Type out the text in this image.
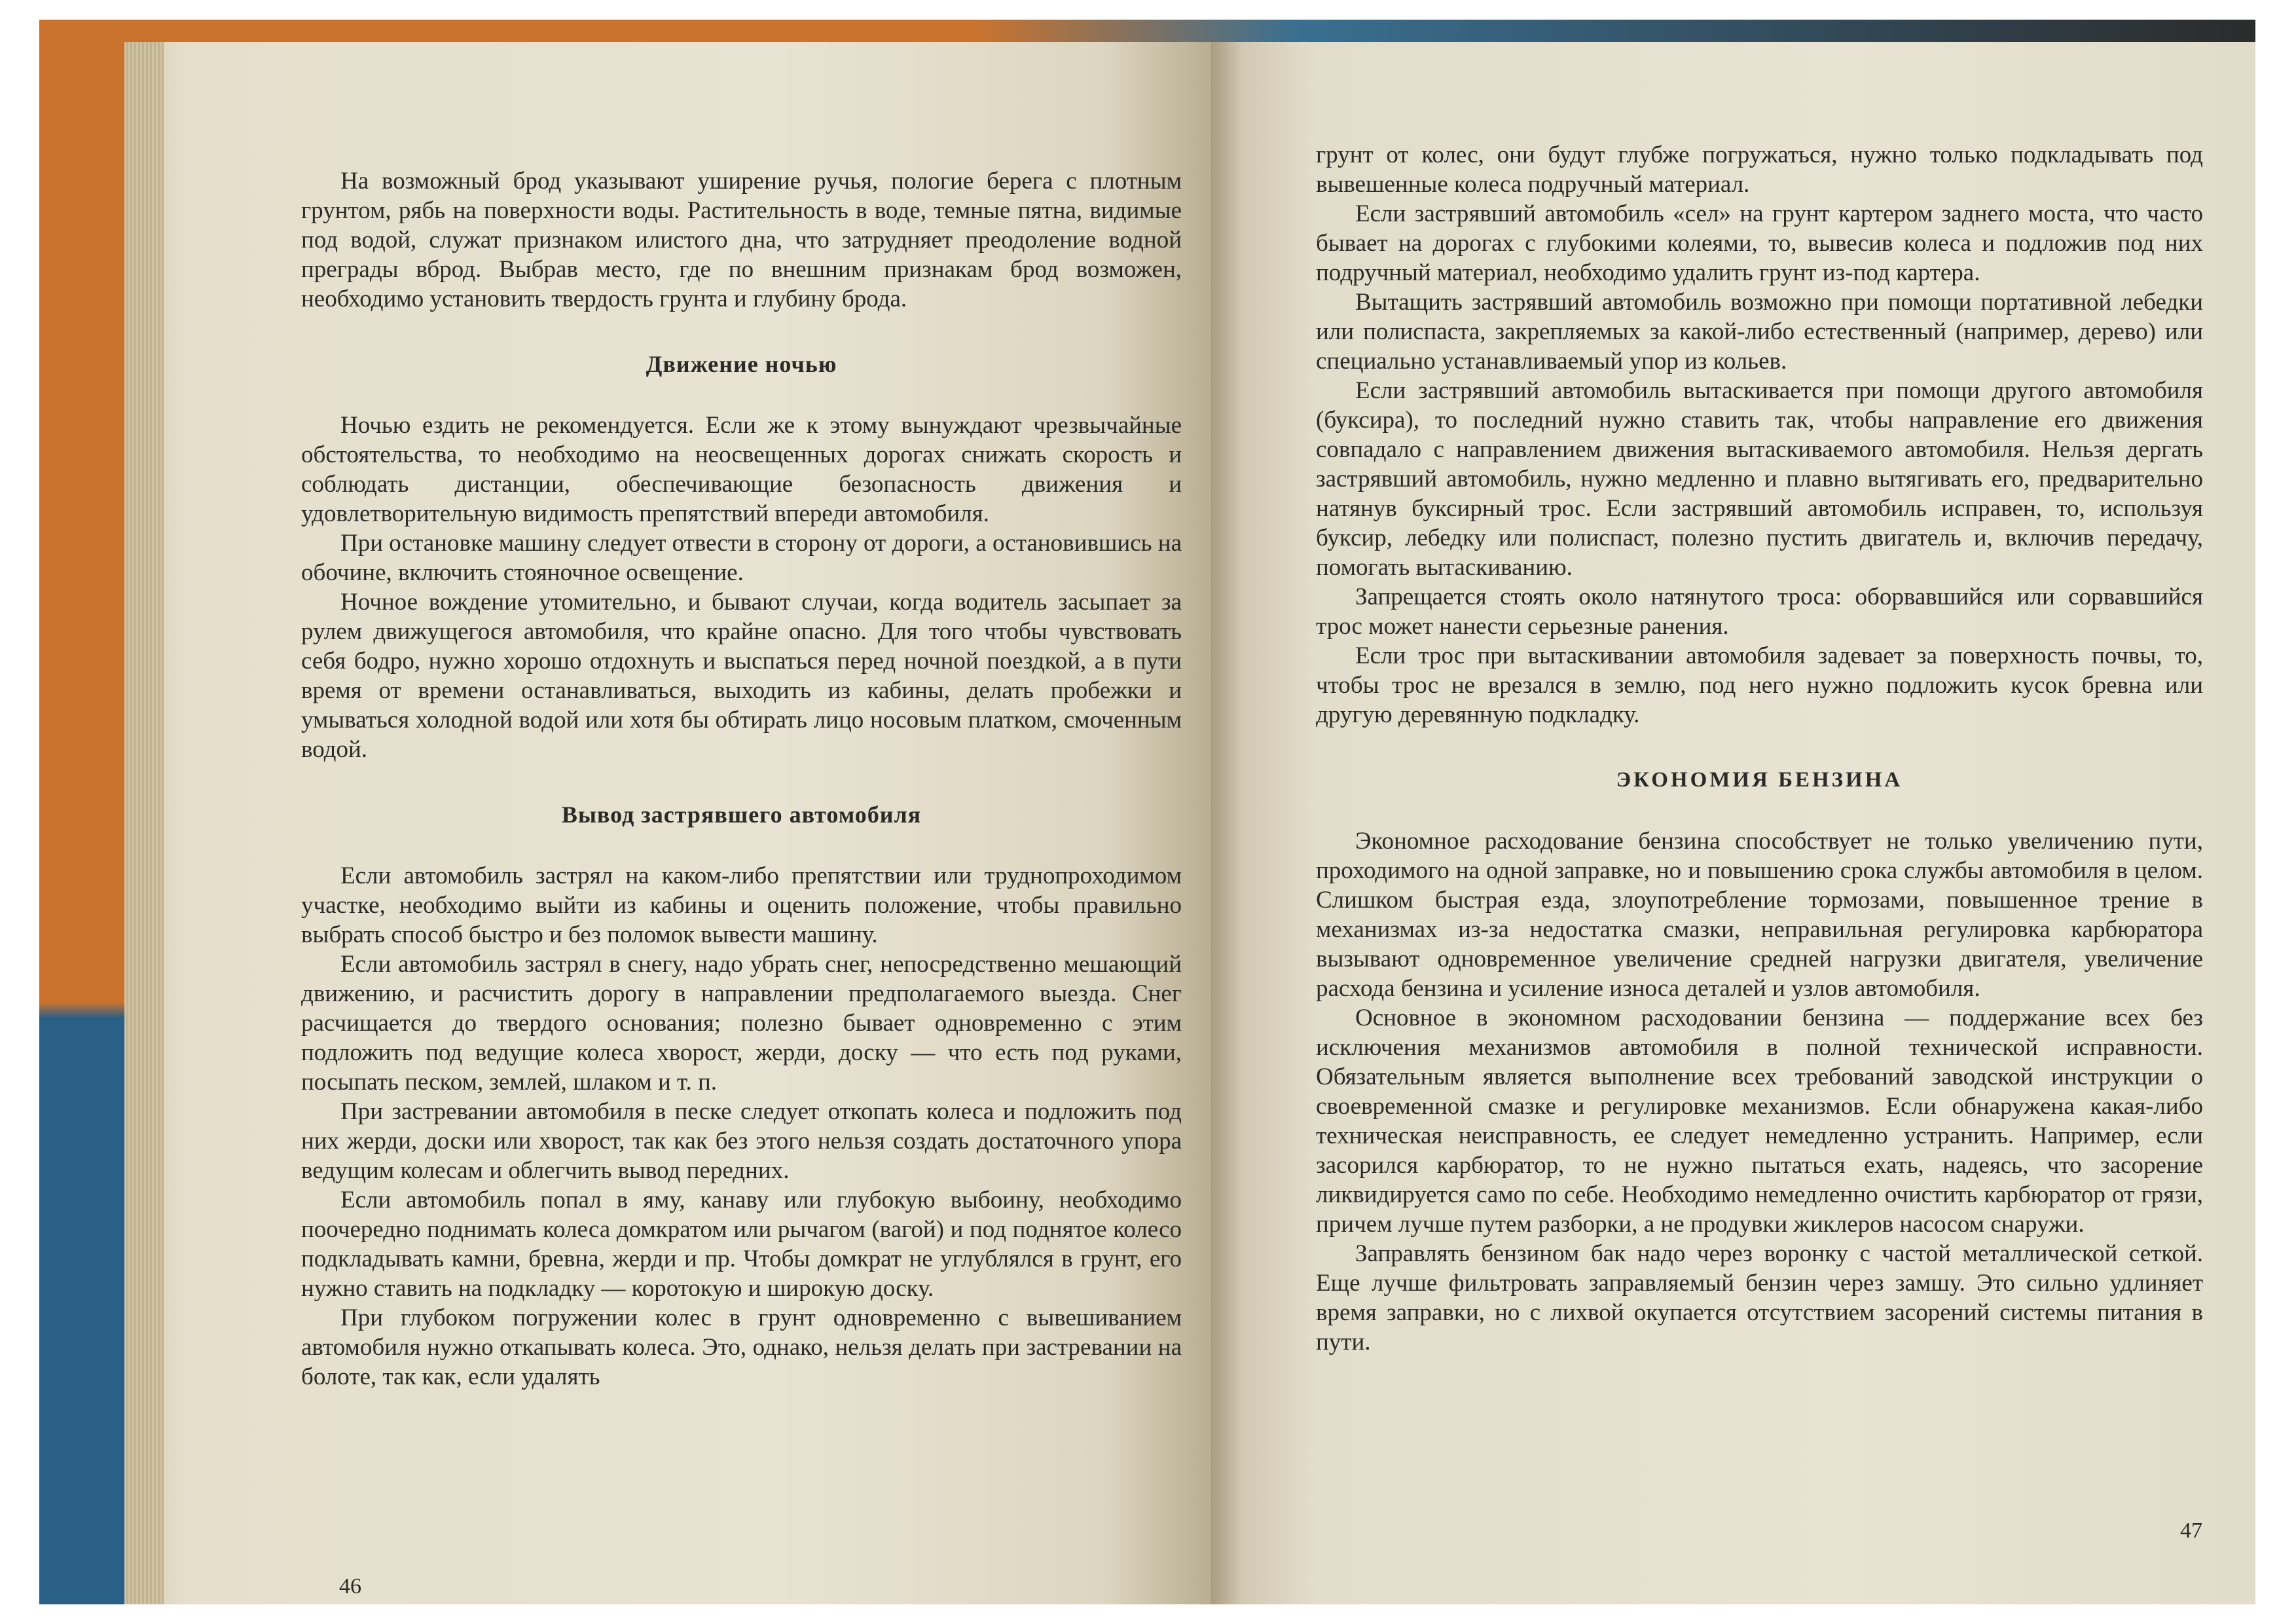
На возможный брод указывают уширение ручья, пологие берега с плотным грунтом, рябь на поверхности воды. Растительность в воде, темные пятна, видимые под водой, служат признаком илистого дна, что затрудняет преодоление водной преграды вброд. Выбрав место, где по внешним признакам брод возможен, необходимо установить твердость грунта и глубину брода.

Движение ночью

Ночью ездить не рекомендуется. Если же к этому вынуждают чрезвычайные обстоятельства, то необходимо на неосвещенных дорогах снижать скорость и соблюдать дистанции, обеспечивающие безопасность движения и удовлетворительную видимость препятствий впереди автомобиля.

При остановке машину следует отвести в сторону от дороги, а остановившись на обочине, включить стояночное освещение.

Ночное вождение утомительно, и бывают случаи, когда водитель засыпает за рулем движущегося автомобиля, что крайне опасно. Для того чтобы чувствовать себя бодро, нужно хорошо отдохнуть и выспаться перед ночной поездкой, а в пути время от времени останавливаться, выходить из кабины, делать пробежки и умываться холодной водой или хотя бы обтирать лицо носовым платком, смоченным водой.

Вывод застрявшего автомобиля

Если автомобиль застрял на каком-либо препятствии или труднопроходимом участке, необходимо выйти из кабины и оценить положение, чтобы правильно выбрать способ быстро и без поломок вывести машину.

Если автомобиль застрял в снегу, надо убрать снег, непосредственно мешающий движению, и расчистить дорогу в направлении предполагаемого выезда. Снег расчищается до твердого основания; полезно бывает одновременно с этим подложить под ведущие колеса хворост, жерди, доску — что есть под руками, посыпать песком, землей, шлаком и т. п.

При застревании автомобиля в песке следует откопать колеса и подложить под них жерди, доски или хворост, так как без этого нельзя создать достаточного упора ведущим колесам и облегчить вывод передних.

Если автомобиль попал в яму, канаву или глубокую выбоину, необходимо поочередно поднимать колеса домкратом или рычагом (вагой) и под поднятое колесо подкладывать камни, бревна, жерди и пр. Чтобы домкрат не углублялся в грунт, его нужно ставить на подкладку — коротокую и широкую доску.

При глубоком погружении колес в грунт одновременно с вывешиванием автомобиля нужно откапывать колеса. Это, однако, нельзя делать при застревании на болоте, так как, если удалять

46

грунт от колес, они будут глубже погружаться, нужно только подкладывать под вывешенные колеса подручный материал.

Если застрявший автомобиль «сел» на грунт картером заднего моста, что часто бывает на дорогах с глубокими колеями, то, вывесив колеса и подложив под них подручный материал, необходимо удалить грунт из-под картера.

Вытащить застрявший автомобиль возможно при помощи портативной лебедки или полиспаста, закрепляемых за какой-либо естественный (например, дерево) или специально устанавливаемый упор из кольев.

Если застрявший автомобиль вытаскивается при помощи другого автомобиля (буксира), то последний нужно ставить так, чтобы направление его движения совпадало с направлением движения вытаскиваемого автомобиля. Нельзя дергать застрявший автомобиль, нужно медленно и плавно вытягивать его, предварительно натянув буксирный трос. Если застрявший автомобиль исправен, то, используя буксир, лебедку или полиспаст, полезно пустить двигатель и, включив передачу, помогать вытаскиванию.

Запрещается стоять около натянутого троса: оборвавшийся или сорвавшийся трос может нанести серьезные ранения.

Если трос при вытаскивании автомобиля задевает за поверхность почвы, то, чтобы трос не врезался в землю, под него нужно подложить кусок бревна или другую деревянную подкладку.

ЭКОНОМИЯ БЕНЗИНА

Экономное расходование бензина способствует не только увеличению пути, проходимого на одной заправке, но и повышению срока службы автомобиля в целом. Слишком быстрая езда, злоупотребление тормозами, повышенное трение в механизмах из-за недостатка смазки, неправильная регулировка карбюратора вызывают одновременное увеличение средней нагрузки двигателя, увеличение расхода бензина и усиление износа деталей и узлов автомобиля.

Основное в экономном расходовании бензина — поддержание всех без исключения механизмов автомобиля в полной технической исправности. Обязательным является выполнение всех требований заводской инструкции о своевременной смазке и регулировке механизмов. Если обнаружена какая-либо техническая неисправность, ее следует немедленно устранить. Например, если засорился карбюратор, то не нужно пытаться ехать, надеясь, что засорение ликвидируется само по себе. Необходимо немедленно очистить карбюратор от грязи, причем лучше путем разборки, а не продувки жиклеров насосом снаружи.

Заправлять бензином бак надо через воронку с частой металлической сеткой. Еще лучше фильтровать заправляемый бензин через замшу. Это сильно удлиняет время заправки, но с лихвой окупается отсутствием засорений системы питания в пути.

47
